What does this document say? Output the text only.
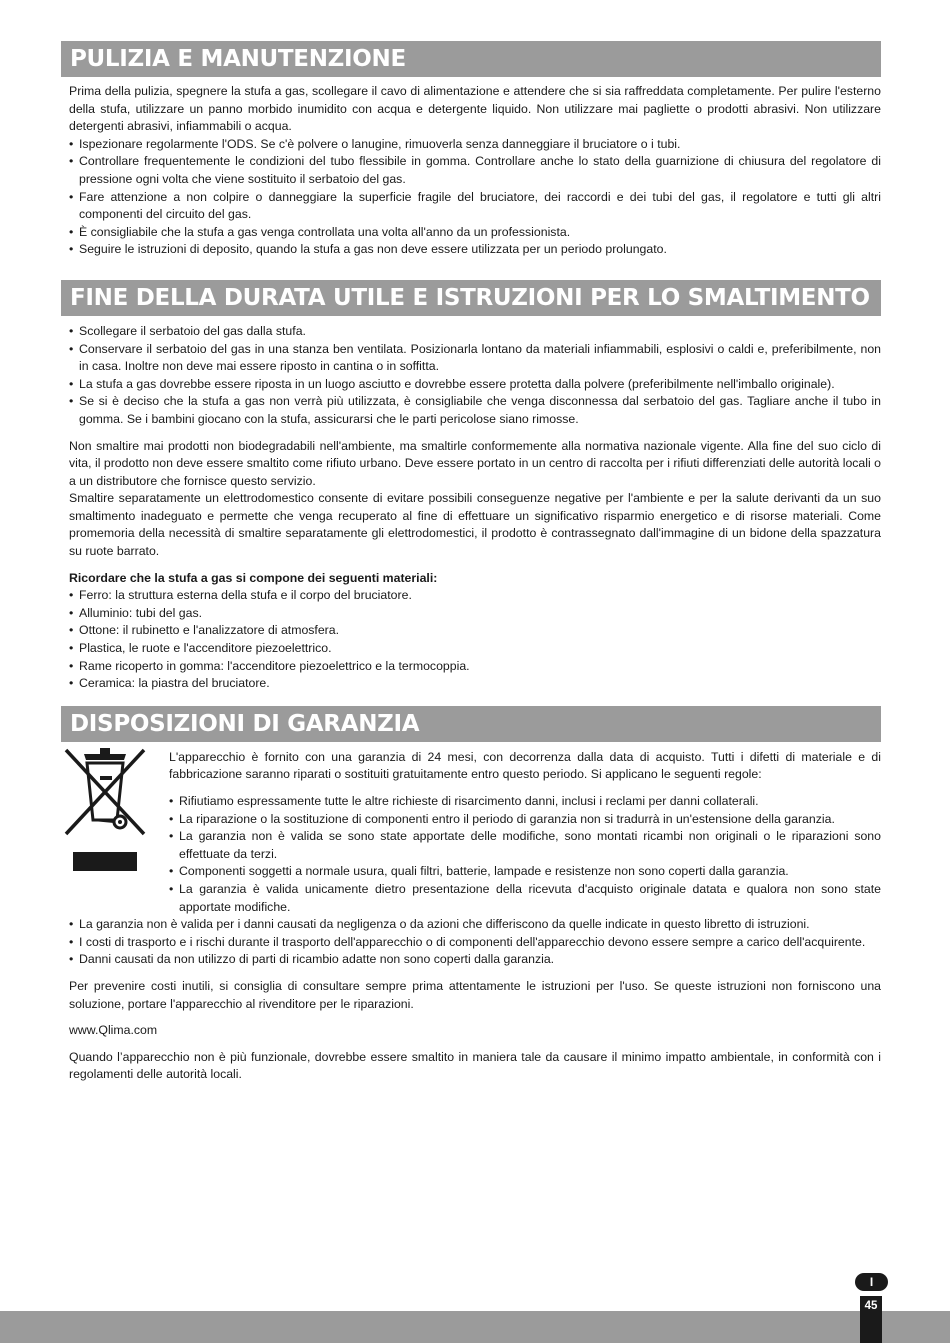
PULIZIA E MANUTENZIONE

Prima della pulizia, spegnere la stufa a gas, scollegare il cavo di alimentazione e attendere che si sia raffreddata completamente. Per pulire l'esterno della stufa, utilizzare un panno morbido inumidito con acqua e detergente liquido. Non utilizzare mai pagliette o prodotti abrasivi. Non utilizzare detergenti abrasivi, infiammabili o acqua.

• Ispezionare regolarmente l'ODS. Se c'è polvere o lanugine, rimuoverla senza danneggiare il bruciatore o i tubi.
• Controllare frequentemente le condizioni del tubo flessibile in gomma. Controllare anche lo stato della guarnizione di chiusura del regolatore di pressione ogni volta che viene sostituito il serbatoio del gas.
• Fare attenzione a non colpire o danneggiare la superficie fragile del bruciatore, dei raccordi e dei tubi del gas, il regolatore e tutti gli altri componenti del circuito del gas.
• È consigliabile che la stufa a gas venga controllata una volta all'anno da un professionista.
• Seguire le istruzioni di deposito, quando la stufa a gas non deve essere utilizzata per un periodo prolungato.
FINE DELLA DURATA UTILE E ISTRUZIONI PER LO SMALTIMENTO
• Scollegare il serbatoio del gas dalla stufa.
• Conservare il serbatoio del gas in una stanza ben ventilata. Posizionarla lontano da materiali infiammabili, esplosivi o caldi e, preferibilmente, non in casa. Inoltre non deve mai essere riposto in cantina o in soffitta.
• La stufa a gas dovrebbe essere riposta in un luogo asciutto e dovrebbe essere protetta dalla polvere (preferibilmente nell'imballo originale).
• Se si è deciso che la stufa a gas non verrà più utilizzata, è consigliabile che venga disconnessa dal serbatoio del gas. Tagliare anche il tubo in gomma. Se i bambini giocano con la stufa, assicurarsi che le parti pericolose siano rimosse.

Non smaltire mai prodotti non biodegradabili nell'ambiente, ma smaltirle conformemente alla normativa nazionale vigente. Alla fine del suo ciclo di vita, il prodotto non deve essere smaltito come rifiuto urbano. Deve essere portato in un centro di raccolta per i rifiuti differenziati delle autorità locali o a un distributore che fornisce questo servizio.

Smaltire separatamente un elettrodomestico consente di evitare possibili conseguenze negative per l'ambiente e per la salute derivanti da un suo smaltimento inadeguato e permette che venga recuperato al fine di effettuare un significativo risparmio energetico e di risorse materiali. Come promemoria della necessità di smaltire separatamente gli elettrodomestici, il prodotto è contrassegnato dall'immagine di un bidone della spazzatura su ruote barrato.

Ricordare che la stufa a gas si compone dei seguenti materiali:

• Ferro: la struttura esterna della stufa e il corpo del bruciatore.
• Alluminio: tubi del gas.
• Ottone: il rubinetto e l'analizzatore di atmosfera.
• Plastica, le ruote e l'accenditore piezoelettrico.
• Rame ricoperto in gomma: l'accenditore piezoelettrico e la termocoppia.
• Ceramica: la piastra del bruciatore.
DISPOSIZIONI DI GARANZIA

L'apparecchio è fornito con una garanzia di 24 mesi, con decorrenza dalla data di acquisto. Tutti i difetti di materiale e di fabbricazione saranno riparati o sostituiti gratuitamente entro questo periodo. Si applicano le seguenti regole:

• Rifiutiamo espressamente tutte le altre richieste di risarcimento danni, inclusi i reclami per danni collaterali.
• La riparazione o la sostituzione di componenti entro il periodo di garanzia non si tradurrà in un'estensione della garanzia.
• La garanzia non è valida se sono state apportate delle modifiche, sono montati ricambi non originali o le riparazioni sono effettuate da terzi.
• Componenti soggetti a normale usura, quali filtri, batterie, lampade e resistenze non sono coperti dalla garanzia.
• La garanzia è valida unicamente dietro presentazione della ricevuta d'acquisto originale datata e qualora non sono state apportate modifiche.
• La garanzia non è valida per i danni causati da negligenza o da azioni che differiscono da quelle indicate in questo libretto di istruzioni.
• I costi di trasporto e i rischi durante il trasporto dell'apparecchio o di componenti dell'apparecchio devono essere sempre a carico dell'acquirente.
• Danni causati da non utilizzo di parti di ricambio adatte non sono coperti dalla garanzia.

Per prevenire costi inutili, si consiglia di consultare sempre prima attentamente le istruzioni per l'uso. Se queste istruzioni non forniscono una soluzione, portare l'apparecchio al rivenditore per le riparazioni.

www.Qlima.com

Quando l’apparecchio non è più funzionale, dovrebbe essere smaltito in maniera tale da causare il minimo impatto ambientale, in conformità con i regolamenti delle autorità locali.

I
45
